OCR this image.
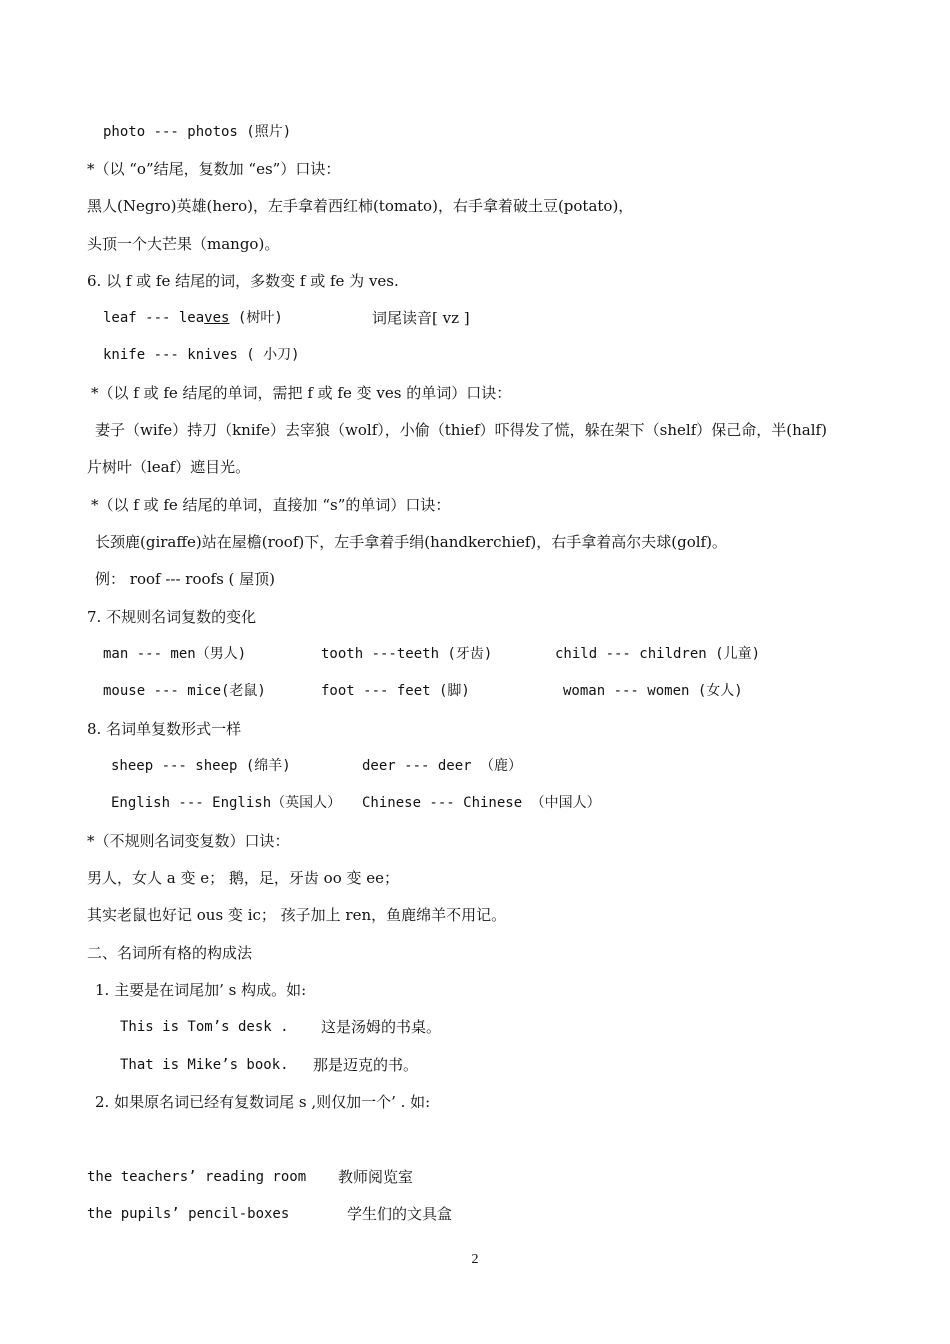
photo --- photos (照片)
*（以 “o”结尾，复数加 “es”）口诀：
黑人(Negro)英雄(hero)，左手拿着西红柿(tomato)，右手拿着破土豆(potato)，
头顶一个大芒果（mango)。
6. 以 f 或 fe 结尾的词，多数变 f 或 fe 为 ves.
leaf --- leaves (树叶)	词尾读音[ vz ]
knife --- knives ( 小刀)
*（以 f 或 fe 结尾的单词，需把 f 或 fe 变 ves 的单词）口诀：
妻子（wife）持刀（knife）去宰狼（wolf），小偷（thief）吓得发了慌，躲在架下（shelf）保己命，半(half)
片树叶（leaf）遮目光。
*（以 f 或 fe 结尾的单词，直接加 “s”的单词）口诀：
长颈鹿(giraffe)站在屋檐(roof)下，左手拿着手绢(handkerchief)，右手拿着高尔夫球(golf)。
例： roof --- roofs ( 屋顶)
7. 不规则名词复数的变化
man --- men（男人)	tooth ---teeth (牙齿)	child --- children (儿童)
mouse --- mice(老鼠)	foot --- feet (脚)	woman --- women (女人)
8. 名词单复数形式一样
sheep --- sheep (绵羊)	deer --- deer （鹿）
English --- English（英国人） Chinese --- Chinese （中国人）
*（不规则名词变复数）口诀：
男人，女人 a 变 e； 鹅，足，牙齿 oo 变 ee；
其实老鼠也好记 ous 变 ic； 孩子加上 ren，鱼鹿绵羊不用记。
二、名词所有格的构成法
1. 主要是在词尾加’ s 构成。如:
This is Tom’s desk . 这是汤姆的书桌。
That is Mike’s book. 那是迈克的书。
2. 如果原名词已经有复数词尾 s ,则仅加一个’ . 如:
the teachers’ reading room 教师阅览室
the pupils’ pencil-boxes	学生们的文具盒
2
